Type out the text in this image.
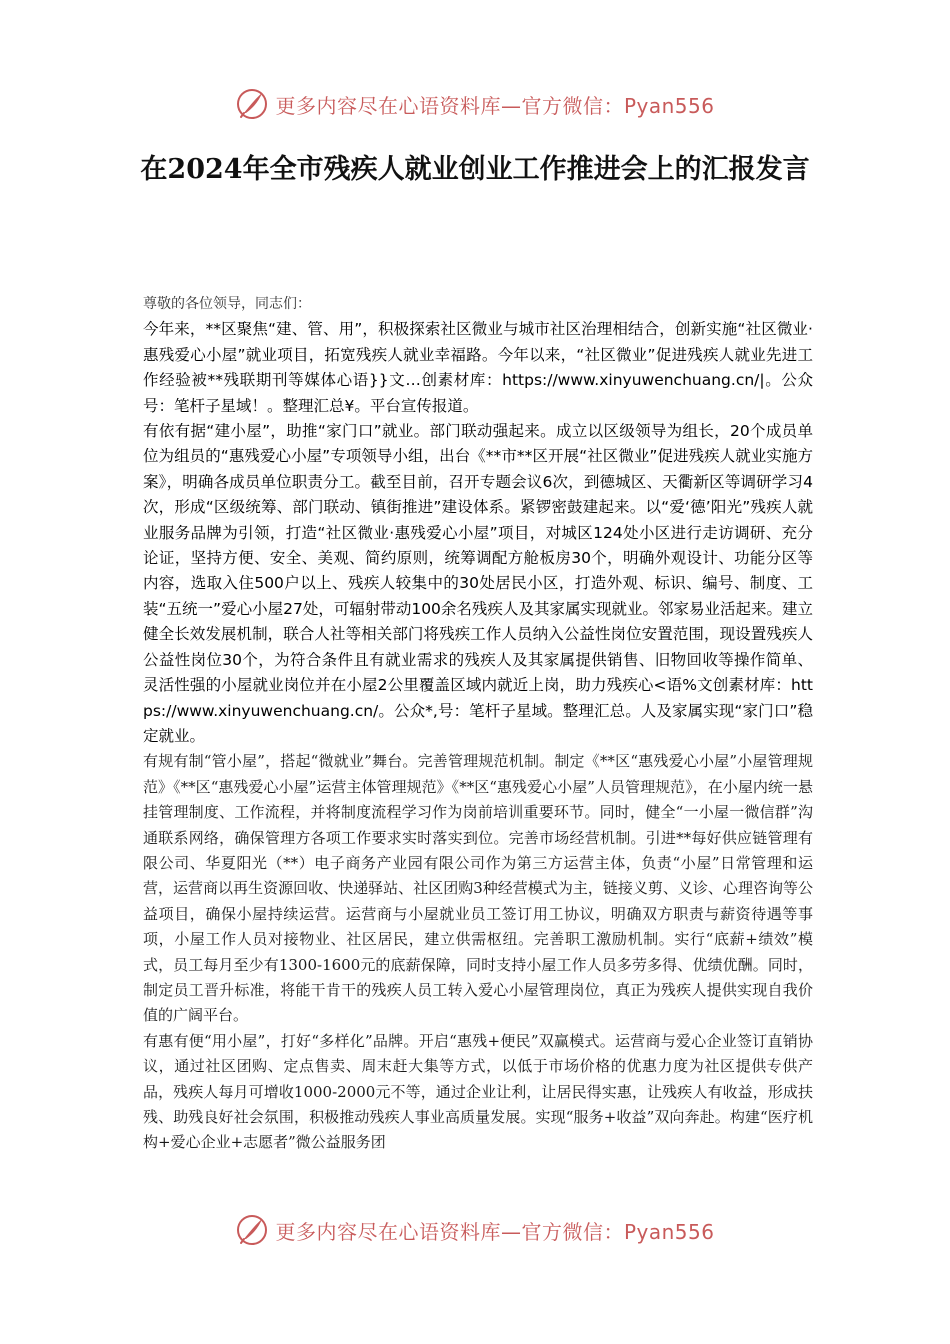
更多内容尽在心语资料库—官方微信：Pyan556
在2024年全市残疾人就业创业工作推进会上的汇报发言

尊敬的各位领导，同志们：

今年来，**区聚焦“建、管、用”，积极探索社区微业与城市社区治理相结合，创新实施“社区微业·惠残爱心小屋”就业项目，拓宽残疾人就业幸福路。今年以来，“社区微业”促进残疾人就业先进工作经验被**残联期刊等媒体心语}}文…创素材库：https://www.xinyuwenchuang.cn/|。公众号：笔杆子星域！。整理汇总¥。平台宣传报道。

有依有据“建小屋”，助推“家门口”就业。部门联动强起来。成立以区级领导为组长，20个成员单位为组员的“惠残爱心小屋”专项领导小组，出台《**市**区开展“社区微业”促进残疾人就业实施方案》，明确各成员单位职责分工。截至目前，召开专题会议6次，到德城区、天衢新区等调研学习4次，形成“区级统筹、部门联动、镇街推进”建设体系。紧锣密鼓建起来。以“爱‘德’阳光”残疾人就业服务品牌为引领，打造“社区微业·惠残爱心小屋”项目，对城区124处小区进行走访调研、充分论证，坚持方便、安全、美观、简约原则，统筹调配方舱板房30个，明确外观设计、功能分区等内容，选取入住500户以上、残疾人较集中的30处居民小区，打造外观、标识、编号、制度、工装“五统一”爱心小屋27处，可辐射带动100余名残疾人及其家属实现就业。邻家易业活起来。建立健全长效发展机制，联合人社等相关部门将残疾工作人员纳入公益性岗位安置范围，现设置残疾人公益性岗位30个，为符合条件且有就业需求的残疾人及其家属提供销售、旧物回收等操作简单、灵活性强的小屋就业岗位并在小屋2公里覆盖区域内就近上岗，助力残疾心<语%文创素材库：https://www.xinyuwenchuang.cn/。公众*,号：笔杆子星域。整理汇总。人及家属实现“家门口”稳定就业。

有规有制“管小屋”，搭起“微就业”舞台。完善管理规范机制。制定《**区“惠残爱心小屋”小屋管理规范》《**区“惠残爱心小屋”运营主体管理规范》《**区“惠残爱心小屋”人员管理规范》，在小屋内统一悬挂管理制度、工作流程，并将制度流程学习作为岗前培训重要环节。同时，健全“一小屋一微信群”沟通联系网络，确保管理方各项工作要求实时落实到位。完善市场经营机制。引进**每好供应链管理有限公司、华夏阳光（**）电子商务产业园有限公司作为第三方运营主体，负责“小屋”日常管理和运营，运营商以再生资源回收、快递驿站、社区团购3种经营模式为主，链接义剪、义诊、心理咨询等公益项目，确保小屋持续运营。运营商与小屋就业员工签订用工协议，明确双方职责与薪资待遇等事项，小屋工作人员对接物业、社区居民，建立供需枢纽。完善职工激励机制。实行“底薪+绩效”模式，员工每月至少有1300-1600元的底薪保障，同时支持小屋工作人员多劳多得、优绩优酬。同时，制定员工晋升标准，将能干肯干的残疾人员工转入爱心小屋管理岗位，真正为残疾人提供实现自我价值的广阔平台。

有惠有便“用小屋”，打好“多样化”品牌。开启“惠残+便民”双赢模式。运营商与爱心企业签订直销协议，通过社区团购、定点售卖、周末赶大集等方式，以低于市场价格的优惠力度为社区提供专供产品，残疾人每月可增收1000-2000元不等，通过企业让利，让居民得实惠，让残疾人有收益，形成扶残、助残良好社会氛围，积极推动残疾人事业高质量发展。实现“服务+收益”双向奔赴。构建“医疗机构+爱心企业+志愿者”微公益服务团

更多内容尽在心语资料库—官方微信：Pyan556
